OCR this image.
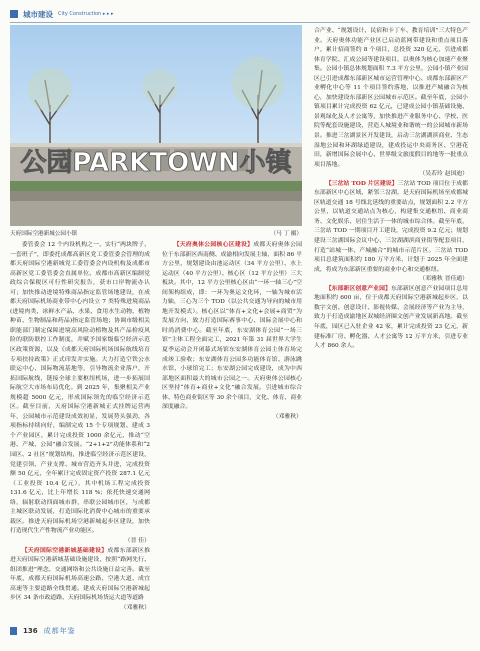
城市建设 City Construction ▸ ▸ ▸
公园PARKTOWN小镇
天府国际空港新城公园小镇	（马 丁 摄）

委管委会 12 个内设机构之一，实行“两块牌子、一套班子”，即委托成都高新区党工委管委会管理的成都天府国际空港新城党工委管委会内设机构及成都市高新区党工委管委会直属单位。成都市高新区编制党政综合保税区可行性研究报告，获市口岸物流办认可；加快推动进境特殊商品指定监管场地建设，在成都天府国际机场商业带中心内设立 7 类特殊进境商品(进境肉类、冰鲜水产品、水果、食用水生动物、植物种苗、生物制品和药品)指定监管场地；协调市级相关职能部门制定保障进境高风险动植物及其产品检疫风险的联防联控工作制度，并赋予国家级临空经济示范区政策资源，以及《成都天府国际机场国际航线培育专项扶持政策》正式印发并实施。大力打造空铁公水联运中心、国际物流基地等，引导物流企业落户，开拓国际航线，链接全球主要枢纽机场，进一步拓展国际航空大市场布局优化。到 2025 年，集聚相关产业规模超 5000 亿元，形成国际领先的临空经济示范区。截至目前，天府国际空港新城正式挂牌运营两年，公园城市示范建设成效初显，发展势头强劲，各项指标持续向好，编制完成 15 个专项规划、建成 3 个产业园区，累计完成投资 1000 余亿元，推动“空港、产城、公园”融合发展。“2+1+2”功能体系和“2 园区、2 社区”规划结构，推进临空经济示范区建设，党建引领、产业支撑、城市营造齐头并进，完成投资额 50 亿元，全年累计完成固定资产投资 287.1 亿元（工业投资 10.4 亿元），其中机场工程完成投资 131.6 亿元，比上年增长 118 %；依托快速交通网络，辐射联动四面城市群，串联公园城市区，与成都主城区联动发展，打造国际化消费中心城市的重要承载区。推进天府国际机场空港新城起步区建设，加快打造现代生产性物流产业功能区。

（晋 佳）

【天府国际空港新城基础建设】成都东部新区推进天府国际空港新城基础设施建设，按照“路网先行、组团推进”理念，交通网络和公共设施日益完善。截至年底，成都天府国际机场高速公路、空港大道、成宜高速等主要道路全线贯通。建成天府国际空港新城起步区 34 条市政道路、天府国际机场货运大道等道路

（邓雅秋）

【天府奥体公园核心区建设】成都天府奥体公园位于东部新区西南侧、成渝相向发展主轴，面积 86 平方公里，规划建设由池运动区（34 平方公里）、水上运动区（40 平方公里）、核心区（12 平方公里）三大板块。其中，12 平方公里核心区由“一环一轴三心”空间架构组成，即：一环为奥运文化环，一轴为城市活力轴，三心为三个 TOD（以公共交通为导向的城市用地开发模式）。核心区以“体育+文化+会展+商贸”为发展方向，致力打造国际赛事中心、国际会展中心和时尚消费中心。截至年底，东安湖体育公园“一场三馆”主体工程全面完工，2021 年第 31 届世界大学生夏季运动会开闭幕式场馆东安湖体育公园主体育场完成竣工验收；东安湖体育公园多功能体育馆、游泳跳水馆、小球馆完工；东安湖公园完成建设，成为中西部地区面积最大的城市公园之一。天府奥体公园核心区坚持“体育+商业+文化”融合发展，引进城市综合体、特色商业街区等 30 余个项目，文化、体育、商业深度融合。

（邓雅秋）

合产业、“规划设计、民宿和卡丁车、教育培训”三大特色产业。天府奥体功能产业区已启动蓝网带建设和重点项目落户，累计招商签约 8 个项目，总投资 320 亿元，引进成都体育学院、汇成公园等建设项目，以奥体为核心加速产业聚集。公园小镇总体规划面积 7.3 平方公里，公园小镇产业园区已引进成都东部新区城市运营管理中心、成都东部新区产业孵化中心等 11 个项目签约落地，以推进产城融合为核心，加快建设东部新区公园城市示范区。截至年底，公园小镇项目累计完成投资 62 亿元，已建成公园小镇基础设施、景观绿化及人才公寓等，加快推进产业服务中心、学校、医院等配套设施建设，营造人城境业和谐统一的公园城市新场景。推进三岔湖景区开发建设，启动三岔湖湖滨商业、生态湿地公园和环湖绿道建设，建成投运中央商务区、空港花田，新增国际会展中心、世界级文旅度假目的地等一批重点项目落地。

（吴若玲 赵国迪）

【三岔站 TOD 片区建设】三岔站 TOD 项目位于成都东部新区中心区域，紧邻三岔湖，是天府国际机场至成都城区轨道交通 18 号线北延线的重要站点，规划面积 2.2 平方公里，以轨道交通站点为核心，构建集交通枢纽、商业商务、文化娱乐、居住生活于一体的城市综合体。截至年底，三岔站 TOD 一期项目开工建设，完成投资 9.2 亿元；规划建设三岔湖国际会议中心、三岔湖湖滨商业街等配套项目，打造“站城一体、产城融合”的城市示范片区。三岔站 TOD 项目总建筑面积约 180 万平方米，计划于 2025 年全面建成，将成为东部新区重要的商业中心和交通枢纽。

（邓雅秋 晋佳通）

【东部新区创意产业园】东部新区创意产业园项目总用地面积约 600 亩，位于成都天府国际空港新城起步区，以数字文创、创意设计、影视传媒、会展经济等产业为主导，致力于打造成渝地区双城经济圈文创产业发展新高地。截至年底，园区已入驻企业 42 家，累计完成投资 23 亿元，新建标准厂房、孵化器、人才公寓等 12 万平方米，引进专业人才 860 余人。

136 成都年鉴
